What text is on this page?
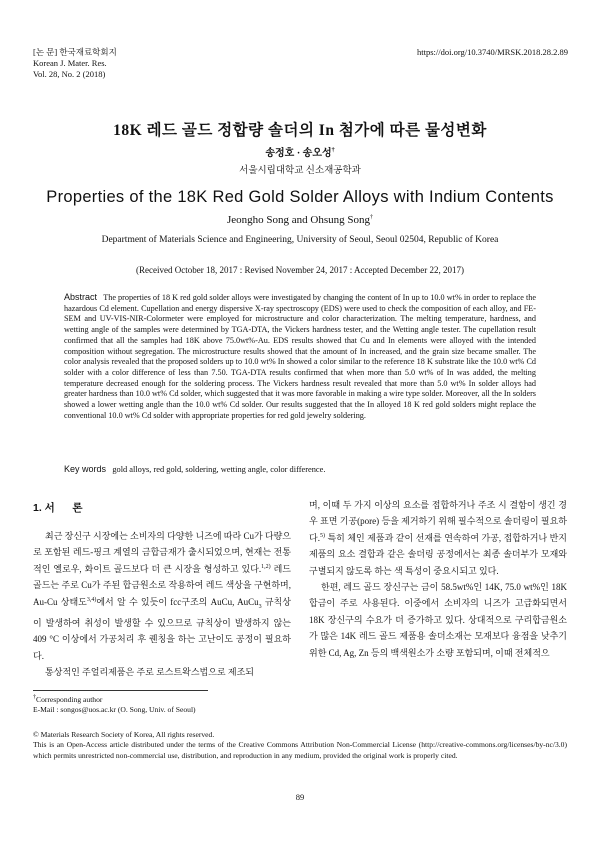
[논 문] 한국재료학회지
Korean J. Mater. Res.
Vol. 28, No. 2 (2018)
https://doi.org/10.3740/MRSK.2018.28.2.89
18K 레드 골드 정합량 솔더의 In 첨가에 따른 물성변화
송정호 · 송오성†
서울시립대학교 신소재공학과
Properties of the 18K Red Gold Solder Alloys with Indium Contents
Jeongho Song and Ohsung Song†
Department of Materials Science and Engineering, University of Seoul, Seoul 02504, Republic of Korea
(Received October 18, 2017 : Revised November 24, 2017 : Accepted December 22, 2017)
Abstract The properties of 18 K red gold solder alloys were investigated by changing the content of In up to 10.0 wt% in order to replace the hazardous Cd element. Cupellation and energy dispersive X-ray spectroscopy (EDS) were used to check the composition of each alloy, and FE-SEM and UV-VIS-NIR-Colormeter were employed for microstructure and color characterization. The melting temperature, hardness, and wetting angle of the samples were determined by TGA-DTA, the Vickers hardness tester, and the Wetting angle tester. The cupellation result confirmed that all the samples had 18K above 75.0wt%-Au. EDS results showed that Cu and In elements were alloyed with the intended composition without segregation. The microstructure results showed that the amount of In increased, and the grain size became smaller. The color analysis revealed that the proposed solders up to 10.0 wt% In showed a color similar to the reference 18 K substrate like the 10.0 wt% Cd solder with a color difference of less than 7.50. TGA-DTA results confirmed that when more than 5.0 wt% of In was added, the melting temperature decreased enough for the soldering process. The Vickers hardness result revealed that more than 5.0 wt% In solder alloys had greater hardness than 10.0 wt% Cd solder, which suggested that it was more favorable in making a wire type solder. Moreover, all the In solders showed a lower wetting angle than the 10.0 wt% Cd solder. Our results suggested that the In alloyed 18 K red gold solders might replace the conventional 10.0 wt% Cd solder with appropriate properties for red gold jewelry soldering.
Key words gold alloys, red gold, soldering, wetting angle, color difference.
1. 서 론
최근 장신구 시장에는 소비자의 다양한 니즈에 따라 Cu가 다량으로 포함된 레드-핑크 계열의 금합금재가 출시되었으며, 현재는 전통적인 옐로우, 화이트 골드보다 더 큰 시장을 형성하고 있다.$^{1,2)}$ 레드 골드는 주로 Cu가 주된 합금원소로 작용하여 레드 색상을 구현하며, Au-Cu 상태도$^{3,4)}$에서 알 수 있듯이 fcc구조의 AuCu, AuCu$_3$ 규칙상이 발생하여 취성이 발생할 수 있으므로 규칙상이 발생하지 않는 409 °C 이상에서 가공처리 후 퀜칭을 하는 고난이도 공정이 필요하다.
통상적인 주얼리제품은 주로 로스트왁스법으로 제조되
며, 이때 두 가지 이상의 요소를 접합하거나 주조 시 결함이 생긴 경우 표면 기공(pore) 등을 제거하기 위해 필수적으로 솔더링이 필요하다.$^{5)}$ 특히 체인 제품과 같이 선재를 연속하여 가공, 접합하거나 반지제품의 요소 결합과 같은 솔더링 공정에서는 최종 솔더부가 모재와 구별되지 않도록 하는 색 특성이 중요시되고 있다.
한편, 레드 골드 장신구는 금이 58.5wt%인 14K, 75.0 wt%인 18K 합금이 주로 사용된다. 이중에서 소비자의 니즈가 고급화되면서 18K 장신구의 수요가 더 증가하고 있다. 상대적으로 구리합금원소가 많은 14K 레드 골드 제품용 솔더소재는 모재보다 융점을 낮추기 위한 Cd, Ag, Zn 등의 백색원소가 소량 포함되며, 이때 전체적으
†Corresponding author
E-Mail : songos@uos.ac.kr (O. Song, Univ. of Seoul)
© Materials Research Society of Korea, All rights reserved.
This is an Open-Access article distributed under the terms of the Creative Commons Attribution Non-Commercial License (http://creative-commons.org/licenses/by-nc/3.0) which permits unrestricted non-commercial use, distribution, and reproduction in any medium, provided the original work is properly cited.
89
